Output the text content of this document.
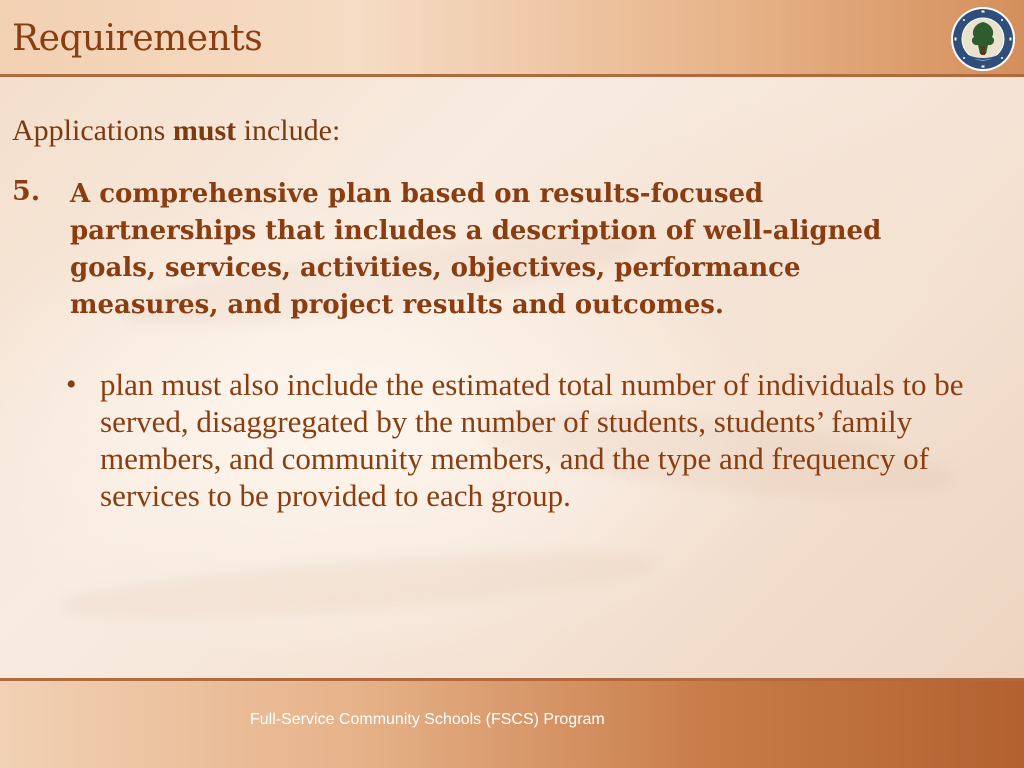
Requirements

Applications must include:

5. A comprehensive plan based on results-focused partnerships that includes a description of well-aligned goals, services, activities, objectives, performance measures, and project results and outcomes.

• plan must also include the estimated total number of individuals to be served, disaggregated by the number of students, students’ family members, and community members, and the type and frequency of services to be provided to each group.

Full-Service Community Schools (FSCS) Program
